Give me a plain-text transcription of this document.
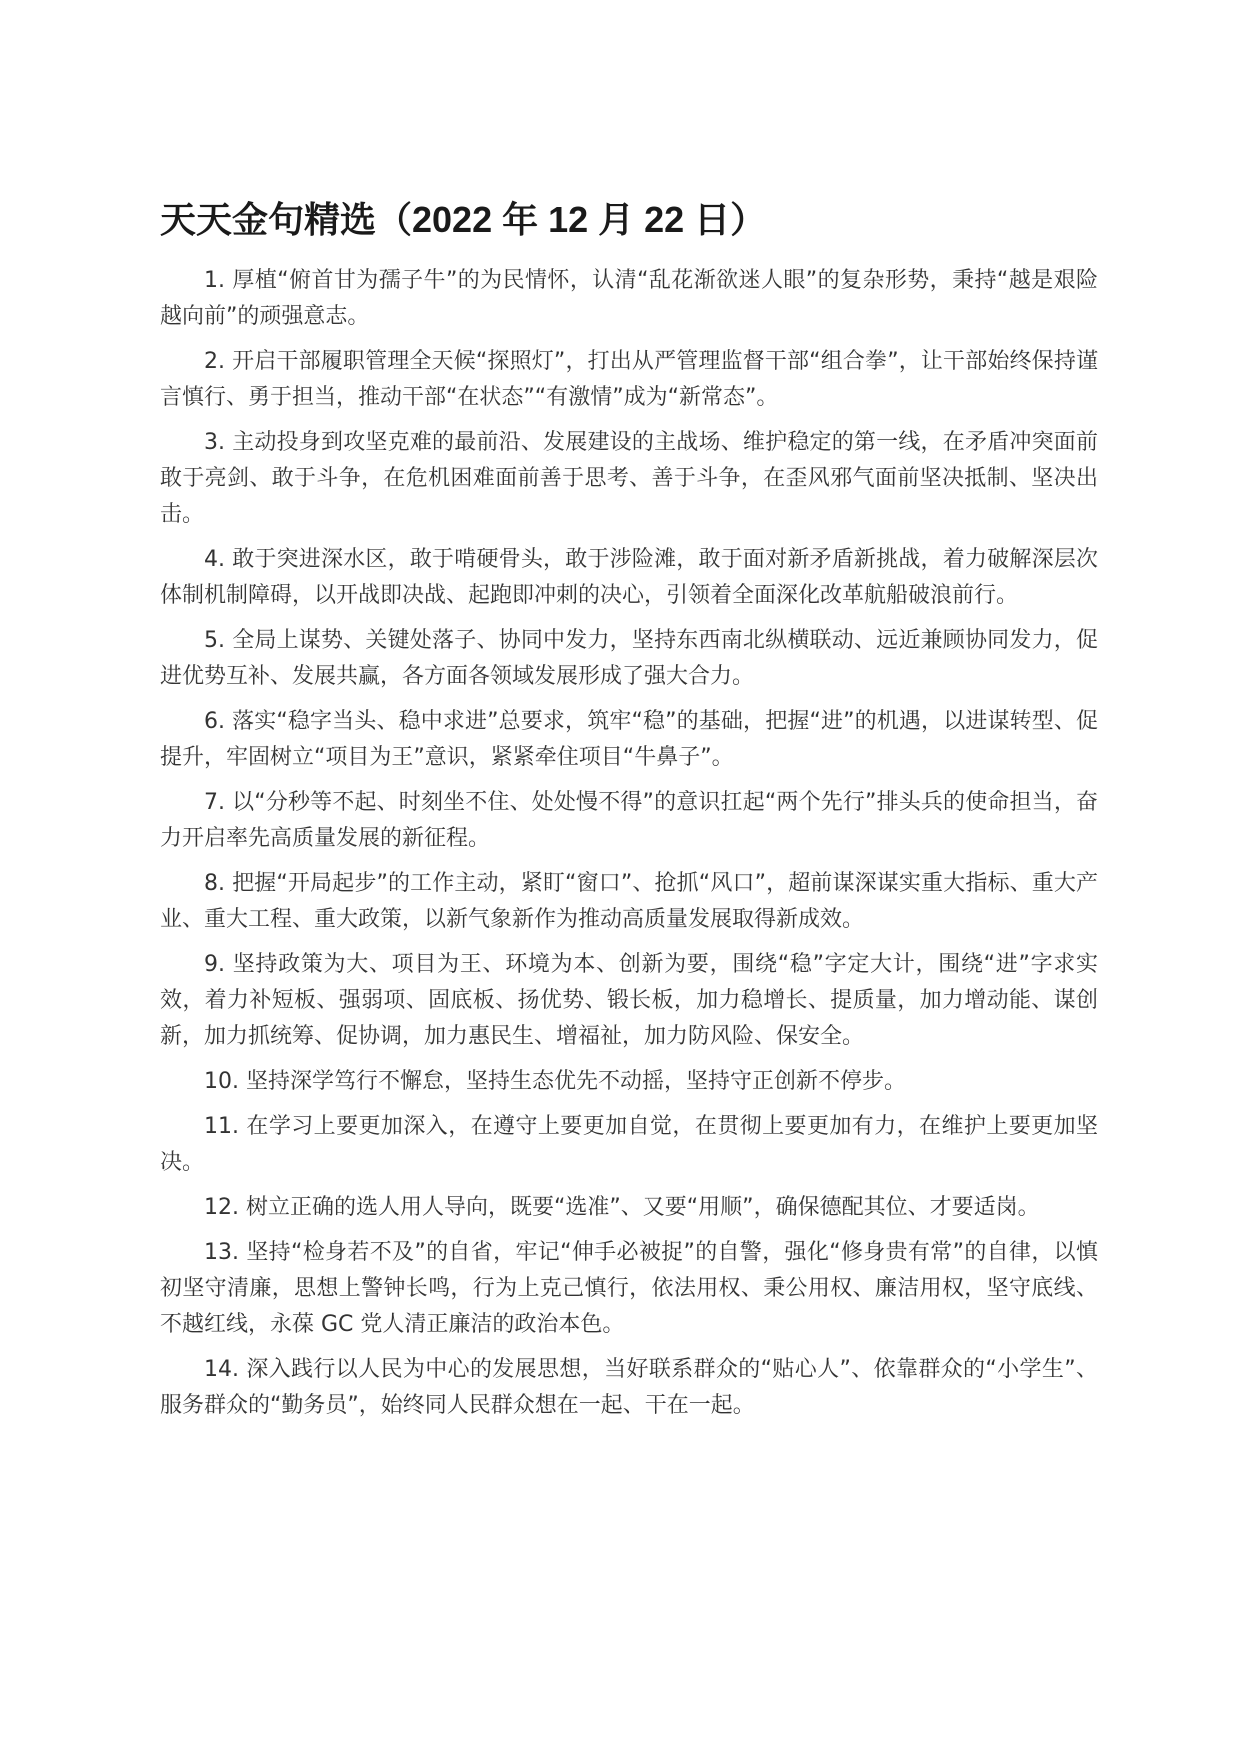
天天金句精选（2022 年 12 月 22 日）

1. 厚植“俯首甘为孺子牛”的为民情怀，认清“乱花渐欲迷人眼”的复杂形势，秉持“越是艰险越向前”的顽强意志。

2. 开启干部履职管理全天候“探照灯”，打出从严管理监督干部“组合拳”，让干部始终保持谨言慎行、勇于担当，推动干部“在状态”“有激情”成为“新常态”。

3. 主动投身到攻坚克难的最前沿、发展建设的主战场、维护稳定的第一线，在矛盾冲突面前敢于亮剑、敢于斗争，在危机困难面前善于思考、善于斗争，在歪风邪气面前坚决抵制、坚决出击。

4. 敢于突进深水区，敢于啃硬骨头，敢于涉险滩，敢于面对新矛盾新挑战，着力破解深层次体制机制障碍，以开战即决战、起跑即冲刺的决心，引领着全面深化改革航船破浪前行。

5. 全局上谋势、关键处落子、协同中发力，坚持东西南北纵横联动、远近兼顾协同发力，促进优势互补、发展共赢，各方面各领域发展形成了强大合力。

6. 落实“稳字当头、稳中求进”总要求，筑牢“稳”的基础，把握“进”的机遇，以进谋转型、促提升，牢固树立“项目为王”意识，紧紧牵住项目“牛鼻子”。

7. 以“分秒等不起、时刻坐不住、处处慢不得”的意识扛起“两个先行”排头兵的使命担当，奋力开启率先高质量发展的新征程。

8. 把握“开局起步”的工作主动，紧盯“窗口”、抢抓“风口”，超前谋深谋实重大指标、重大产业、重大工程、重大政策，以新气象新作为推动高质量发展取得新成效。

9. 坚持政策为大、项目为王、环境为本、创新为要，围绕“稳”字定大计，围绕“进”字求实效，着力补短板、强弱项、固底板、扬优势、锻长板，加力稳增长、提质量，加力增动能、谋创新，加力抓统筹、促协调，加力惠民生、增福祉，加力防风险、保安全。

10. 坚持深学笃行不懈怠，坚持生态优先不动摇，坚持守正创新不停步。

11. 在学习上要更加深入，在遵守上要更加自觉，在贯彻上要更加有力，在维护上要更加坚决。

12. 树立正确的选人用人导向，既要“选准”、又要“用顺”，确保德配其位、才要适岗。

13. 坚持“检身若不及”的自省，牢记“伸手必被捉”的自警，强化“修身贵有常”的自律，以慎初坚守清廉，思想上警钟长鸣，行为上克己慎行，依法用权、秉公用权、廉洁用权，坚守底线、不越红线，永葆 GC 党人清正廉洁的政治本色。

14. 深入践行以人民为中心的发展思想，当好联系群众的“贴心人”、依靠群众的“小学生”、服务群众的“勤务员”，始终同人民群众想在一起、干在一起。
